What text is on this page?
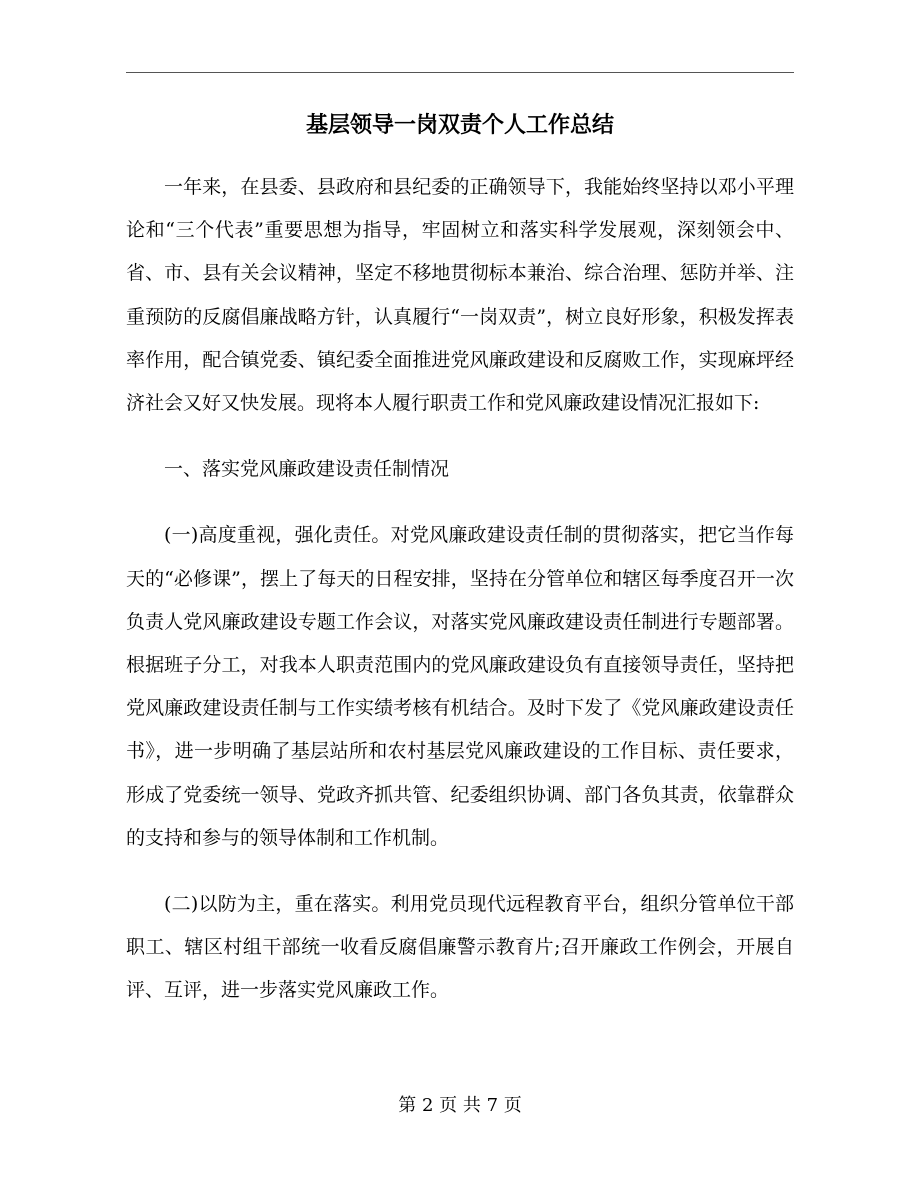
基层领导一岗双责个人工作总结

一年来，在县委、县政府和县纪委的正确领导下，我能始终坚持以邓小平理论和“三个代表”重要思想为指导，牢固树立和落实科学发展观，深刻领会中、省、市、县有关会议精神，坚定不移地贯彻标本兼治、综合治理、惩防并举、注重预防的反腐倡廉战略方针，认真履行“一岗双责”，树立良好形象，积极发挥表率作用，配合镇党委、镇纪委全面推进党风廉政建设和反腐败工作，实现麻坪经济社会又好又快发展。现将本人履行职责工作和党风廉政建设情况汇报如下:

一、落实党风廉政建设责任制情况

(一)高度重视，强化责任。对党风廉政建设责任制的贯彻落实，把它当作每天的“必修课”，摆上了每天的日程安排，坚持在分管单位和辖区每季度召开一次负责人党风廉政建设专题工作会议，对落实党风廉政建设责任制进行专题部署。根据班子分工，对我本人职责范围内的党风廉政建设负有直接领导责任，坚持把党风廉政建设责任制与工作实绩考核有机结合。及时下发了《党风廉政建设责任书》，进一步明确了基层站所和农村基层党风廉政建设的工作目标、责任要求，形成了党委统一领导、党政齐抓共管、纪委组织协调、部门各负其责，依靠群众的支持和参与的领导体制和工作机制。

(二)以防为主，重在落实。利用党员现代远程教育平台，组织分管单位干部职工、辖区村组干部统一收看反腐倡廉警示教育片;召开廉政工作例会，开展自评、互评，进一步落实党风廉政工作。

第 2 页 共 7 页
